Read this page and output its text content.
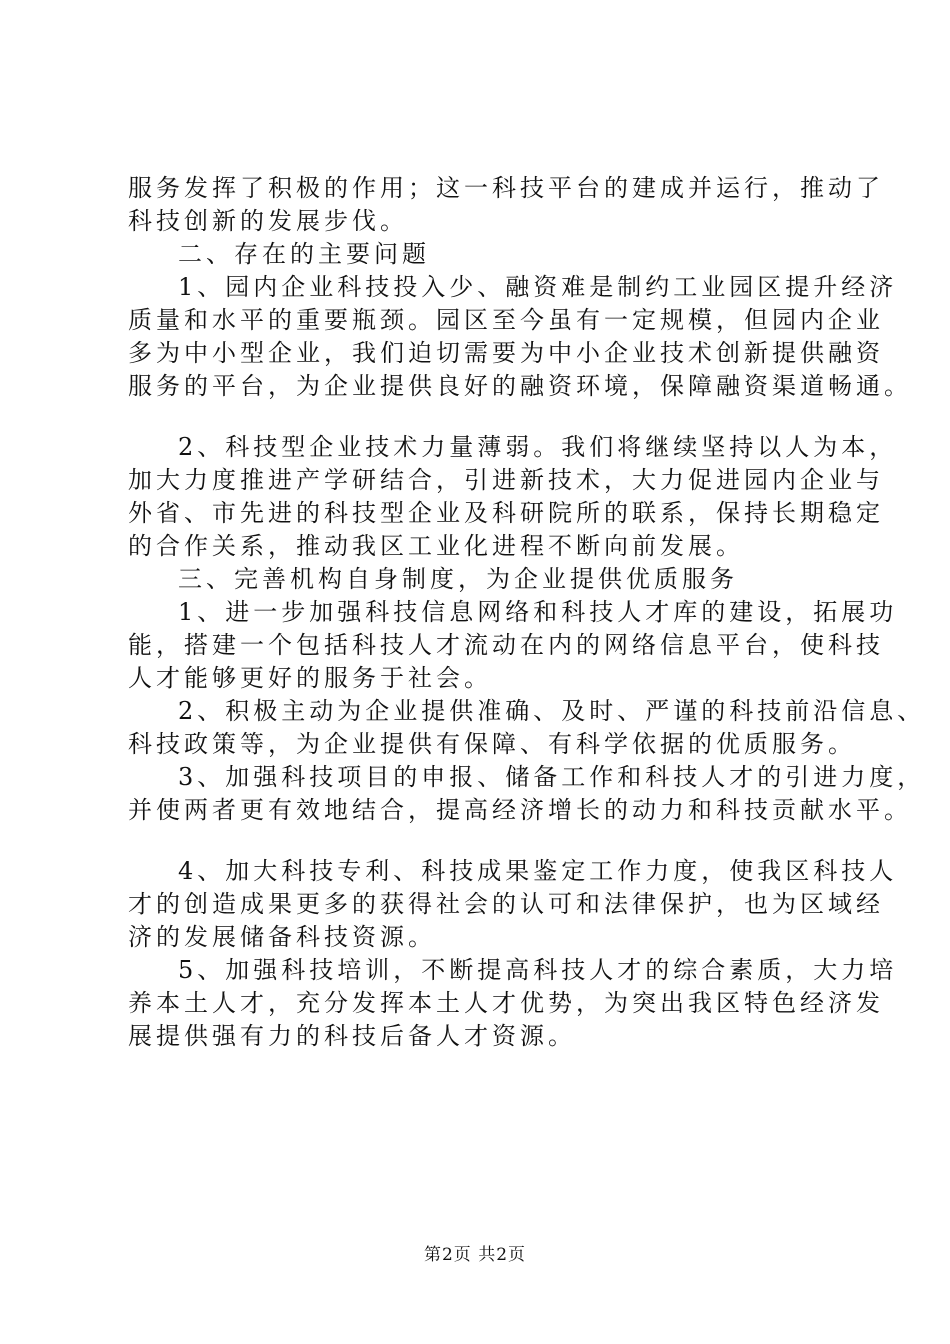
服务发挥了积极的作用；这一科技平台的建成并运行，推动了
科技创新的发展步伐。
二、存在的主要问题
1、园内企业科技投入少、融资难是制约工业园区提升经济
质量和水平的重要瓶颈。园区至今虽有一定规模，但园内企业
多为中小型企业，我们迫切需要为中小企业技术创新提供融资
服务的平台，为企业提供良好的融资环境，保障融资渠道畅通。
2、科技型企业技术力量薄弱。我们将继续坚持以人为本，
加大力度推进产学研结合，引进新技术，大力促进园内企业与
外省、市先进的科技型企业及科研院所的联系，保持长期稳定
的合作关系，推动我区工业化进程不断向前发展。
三、完善机构自身制度，为企业提供优质服务
1、进一步加强科技信息网络和科技人才库的建设，拓展功
能，搭建一个包括科技人才流动在内的网络信息平台，使科技
人才能够更好的服务于社会。
2、积极主动为企业提供准确、及时、严谨的科技前沿信息、
科技政策等，为企业提供有保障、有科学依据的优质服务。
3、加强科技项目的申报、储备工作和科技人才的引进力度，
并使两者更有效地结合，提高经济增长的动力和科技贡献水平。
4、加大科技专利、科技成果鉴定工作力度，使我区科技人
才的创造成果更多的获得社会的认可和法律保护，也为区域经
济的发展储备科技资源。
5、加强科技培训，不断提高科技人才的综合素质，大力培
养本土人才，充分发挥本土人才优势，为突出我区特色经济发
展提供强有力的科技后备人才资源。
第2页 共2页
